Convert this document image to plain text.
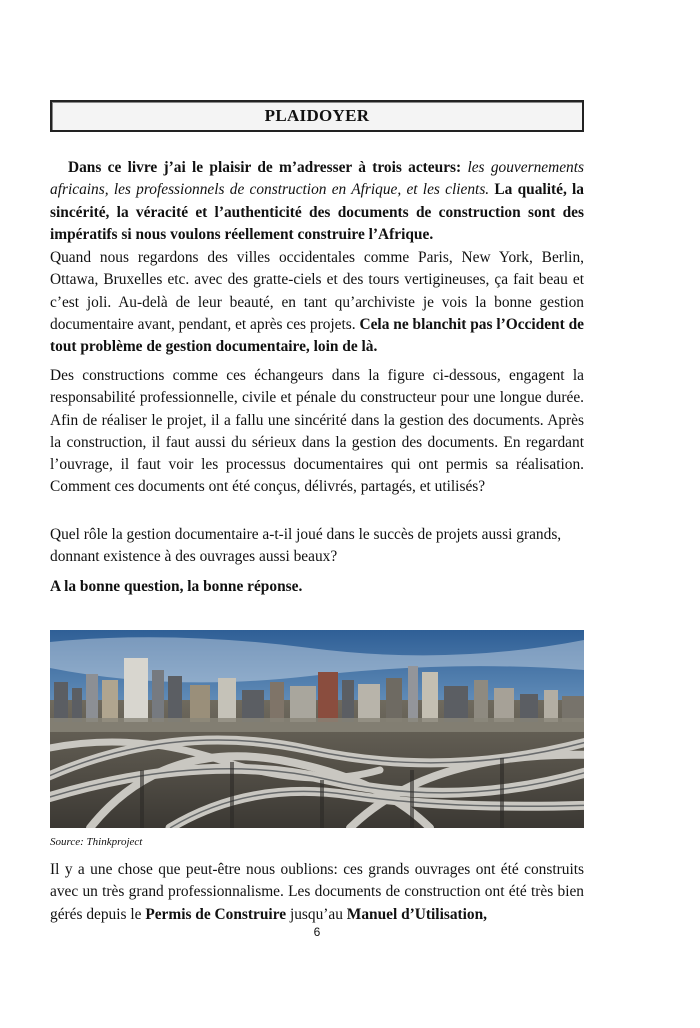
PLAIDOYER

Dans ce livre j’ai le plaisir de m’adresser à trois acteurs: les gouvernements africains, les professionnels de construction en Afrique, et les clients. La qualité, la sincérité, la véracité et l’authenticité des documents de construction sont des impératifs si nous voulons réellement construire l’Afrique.

Quand nous regardons des villes occidentales comme Paris, New York, Berlin, Ottawa, Bruxelles etc. avec des gratte-ciels et des tours vertigineuses, ça fait beau et c’est joli. Au-delà de leur beauté, en tant qu’archiviste je vois la bonne gestion documentaire avant, pendant, et après ces projets. Cela ne blanchit pas l’Occident de tout problème de gestion documentaire, loin de là.

Des constructions comme ces échangeurs dans la figure ci-dessous, engagent la responsabilité professionnelle, civile et pénale du constructeur pour une longue durée. Afin de réaliser le projet, il a fallu une sincérité dans la gestion des documents. Après la construction, il faut aussi du sérieux dans la gestion des documents. En regardant l’ouvrage, il faut voir les processus documentaires qui ont permis sa réalisation. Comment ces documents ont été conçus, délivrés, partagés, et utilisés?

Quel rôle la gestion documentaire a-t-il joué dans le succès de projets aussi grands, donnant existence à des ouvrages aussi beaux?

A la bonne question, la bonne réponse.

Source: Thinkproject

Il y a une chose que peut-être nous oublions: ces grands ouvrages ont été construits avec un très grand professionnalisme. Les documents de construction ont été très bien gérés depuis le Permis de Construire jusqu’au Manuel d’Utilisation,

6
